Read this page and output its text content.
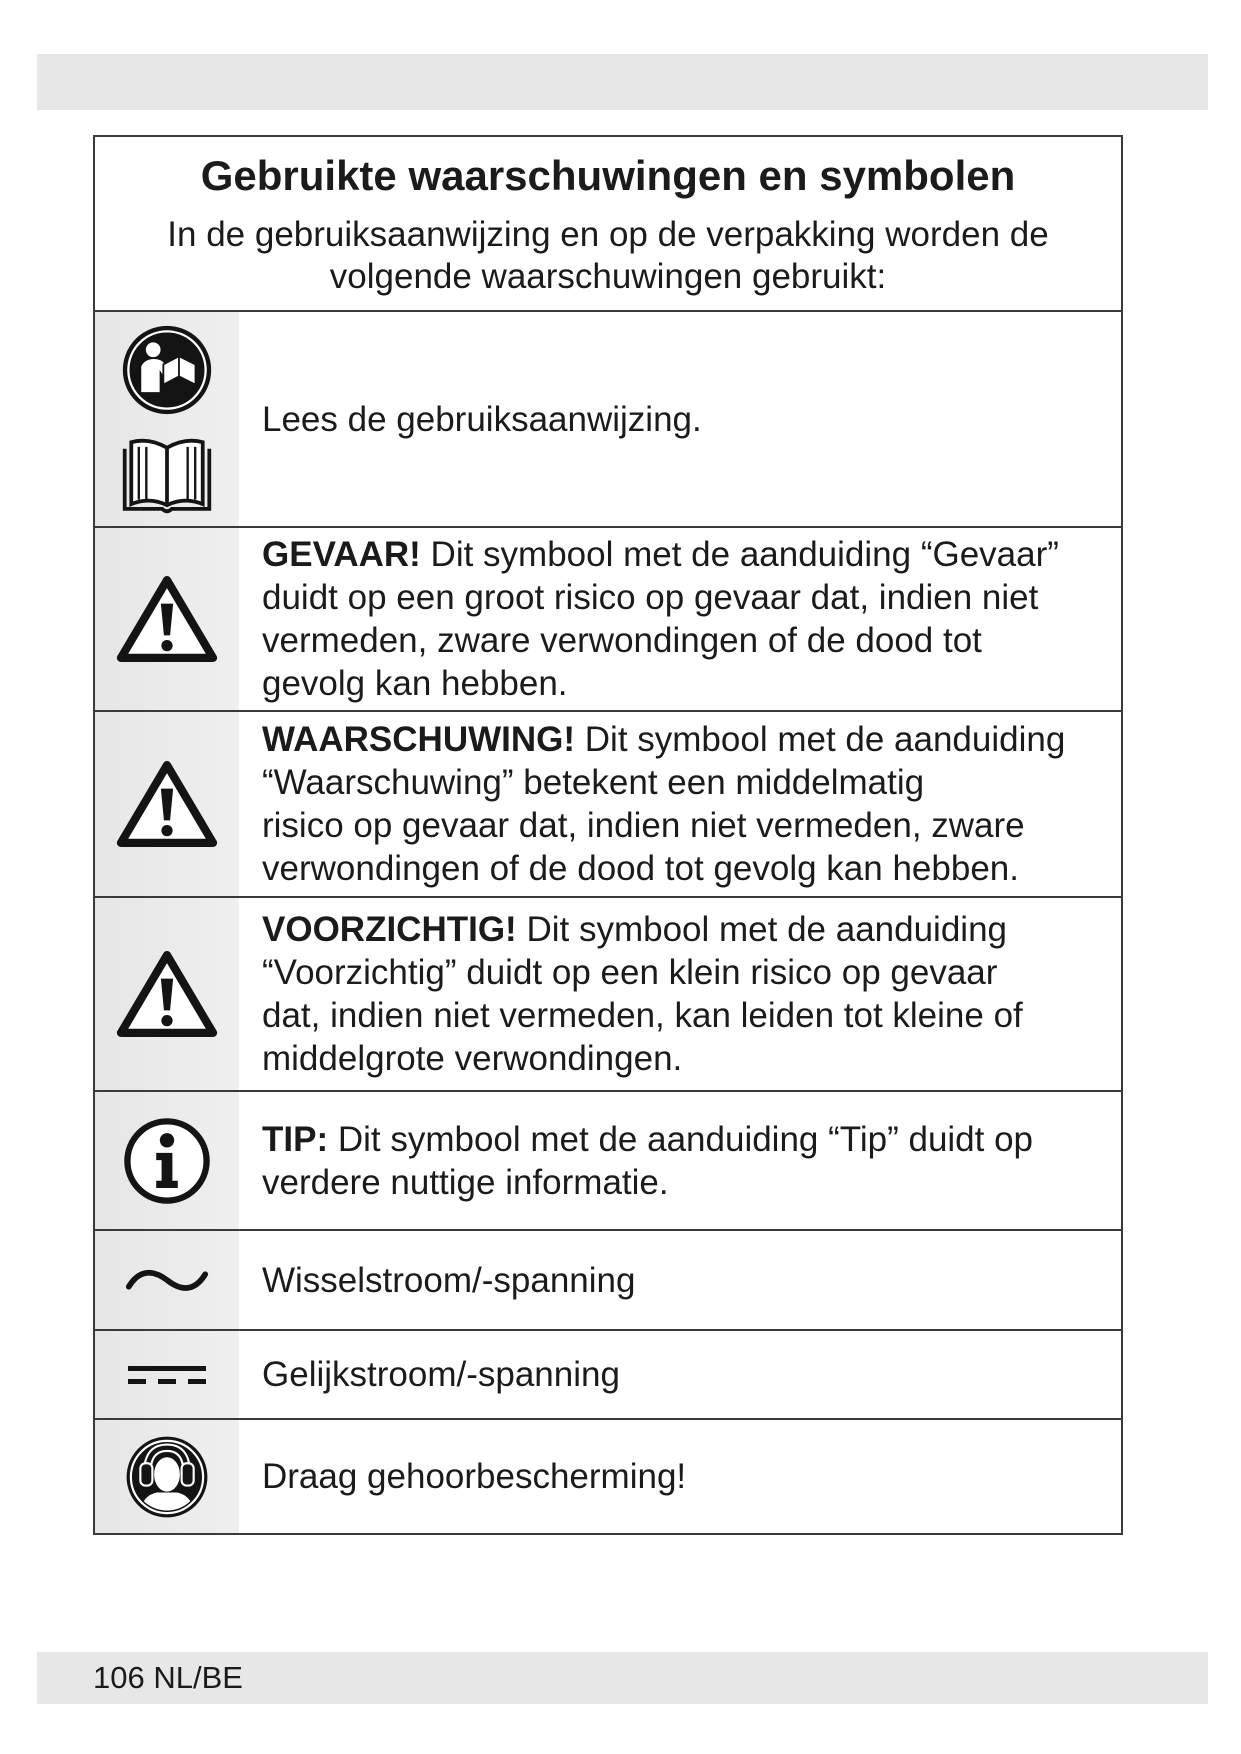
Gebruikte waarschuwingen en symbolen
In de gebruiksaanwijzing en op de verpakking worden de
volgende waarschuwingen gebruikt:
Lees de gebruiksaanwijzing.
GEVAAR! Dit symbool met de aanduiding “Gevaar”
duidt op een groot risico op gevaar dat, indien niet
vermeden, zware verwondingen of de dood tot
gevolg kan hebben.
WAARSCHUWING! Dit symbool met de aanduiding
“Waarschuwing” betekent een middelmatig
risico op gevaar dat, indien niet vermeden, zware
verwondingen of de dood tot gevolg kan hebben.
VOORZICHTIG! Dit symbool met de aanduiding
“Voorzichtig” duidt op een klein risico op gevaar
dat, indien niet vermeden, kan leiden tot kleine of
middelgrote verwondingen.
TIP: Dit symbool met de aanduiding “Tip” duidt op
verdere nuttige informatie.
Wisselstroom/-spanning
Gelijkstroom/-spanning
Draag gehoorbescherming!
106 NL/BE
